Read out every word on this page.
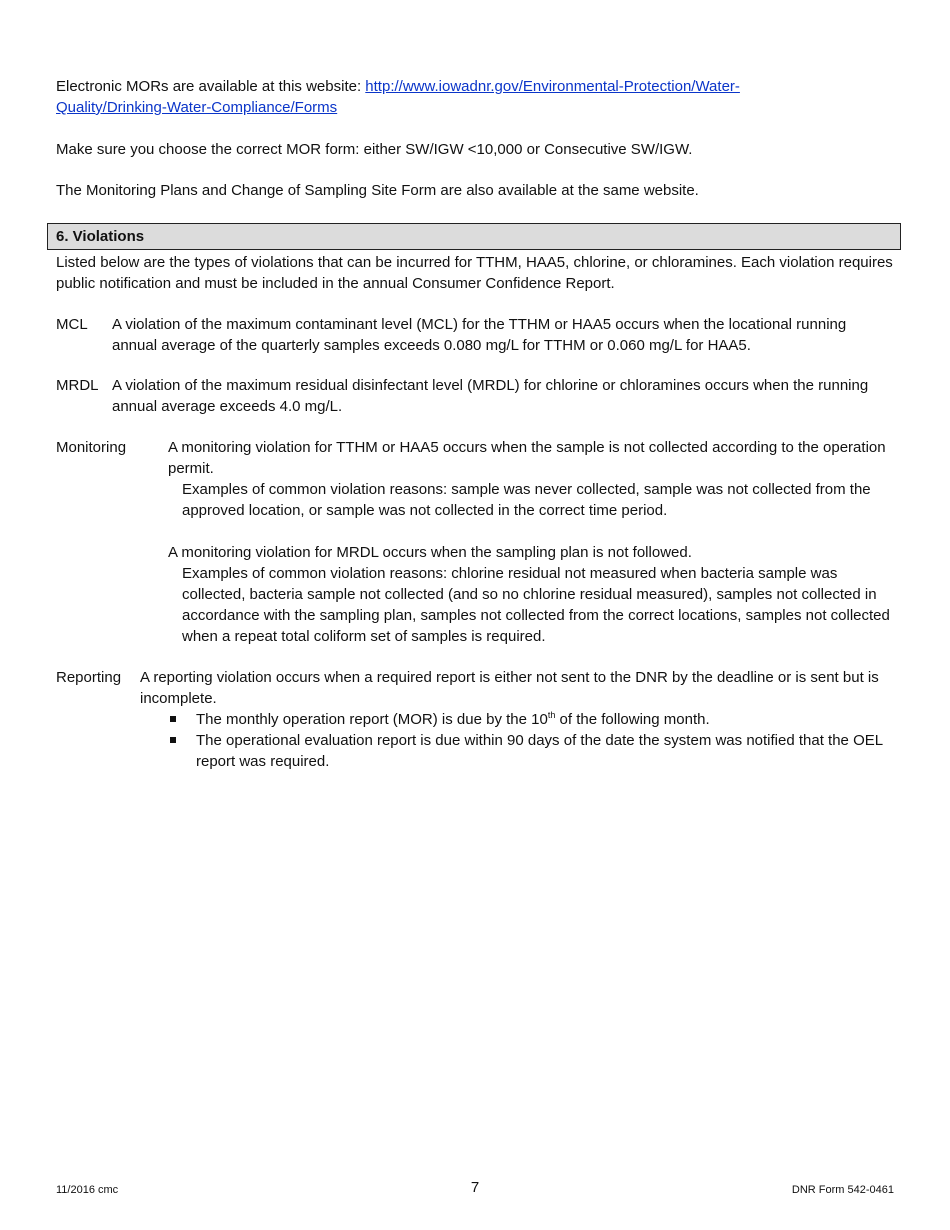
Electronic MORs are available at this website: http://www.iowadnr.gov/Environmental-Protection/Water-
Quality/Drinking-Water-Compliance/Forms
Make sure you choose the correct MOR form: either SW/IGW <10,000 or Consecutive SW/IGW.
The Monitoring Plans and Change of Sampling Site Form are also available at the same website.
6. Violations
Listed below are the types of violations that can be incurred for TTHM, HAA5, chlorine, or chloramines. Each violation requires public notification and must be included in the annual Consumer Confidence Report.
MCL A violation of the maximum contaminant level (MCL) for the TTHM or HAA5 occurs when the locational running annual average of the quarterly samples exceeds 0.080 mg/L for TTHM or 0.060 mg/L for HAA5.
MRDL A violation of the maximum residual disinfectant level (MRDL) for chlorine or chloramines occurs when the running annual average exceeds 4.0 mg/L.
Monitoring	A monitoring violation for TTHM or HAA5 occurs when the sample is not collected according to the operation permit.
Examples of common violation reasons: sample was never collected, sample was not collected from the approved location, or sample was not collected in the correct time period.
A monitoring violation for MRDL occurs when the sampling plan is not followed.
Examples of common violation reasons: chlorine residual not measured when bacteria sample was collected, bacteria sample not collected (and so no chlorine residual measured), samples not collected in accordance with the sampling plan, samples not collected from the correct locations, samples not collected when a repeat total coliform set of samples is required.
Reporting A reporting violation occurs when a required report is either not sent to the DNR by the deadline or is sent but is incomplete.
The monthly operation report (MOR) is due by the 10th of the following month.
The operational evaluation report is due within 90 days of the date the system was notified that the OEL report was required.
11/2016 cmc	7	DNR Form 542-0461
